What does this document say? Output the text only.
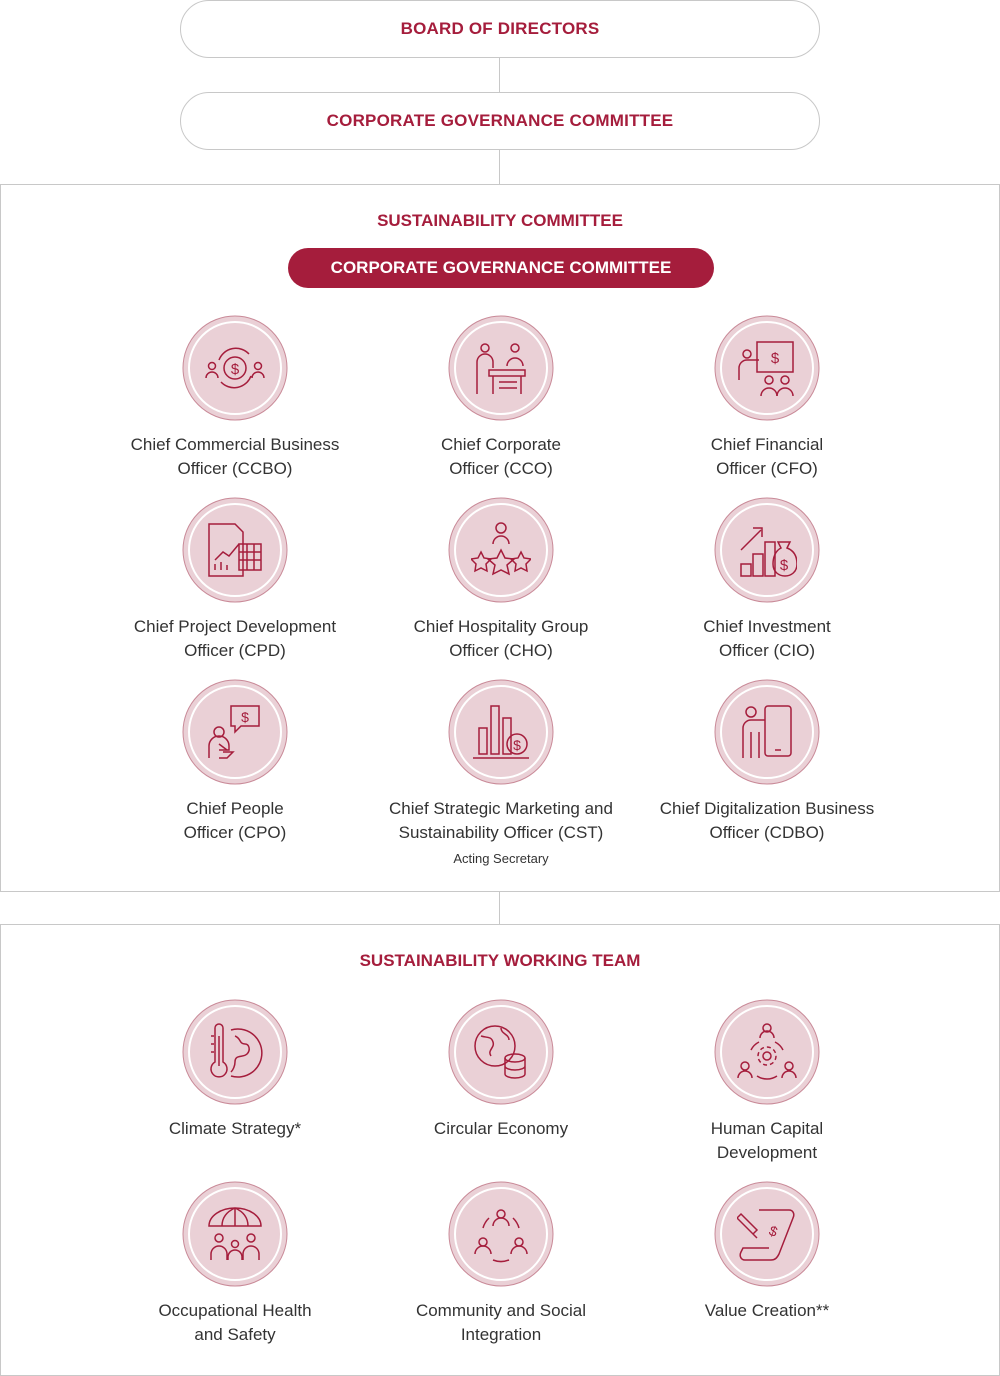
BOARD OF DIRECTORS
CORPORATE GOVERNANCE COMMITTEE
SUSTAINABILITY COMMITTEE
CORPORATE GOVERNANCE COMMITTEE
$
Chief Commercial Business
Officer (CCBO)
Chief Corporate
Officer (CCO)
$
Chief Financial
Officer (CFO)
Chief Project Development
Officer (CPD)
Chief Hospitality Group
Officer (CHO)
$
Chief Investment
Officer (CIO)
$
Chief People
Officer (CPO)
$
Chief Strategic Marketing and
Sustainability Officer (CST)
Acting Secretary
Chief Digitalization Business
Officer (CDBO)
SUSTAINABILITY WORKING TEAM
Climate Strategy*	Circular Economy	Human Capital
Development
Occupational Health
and Safety
Community and Social
Integration
$
Value Creation**
